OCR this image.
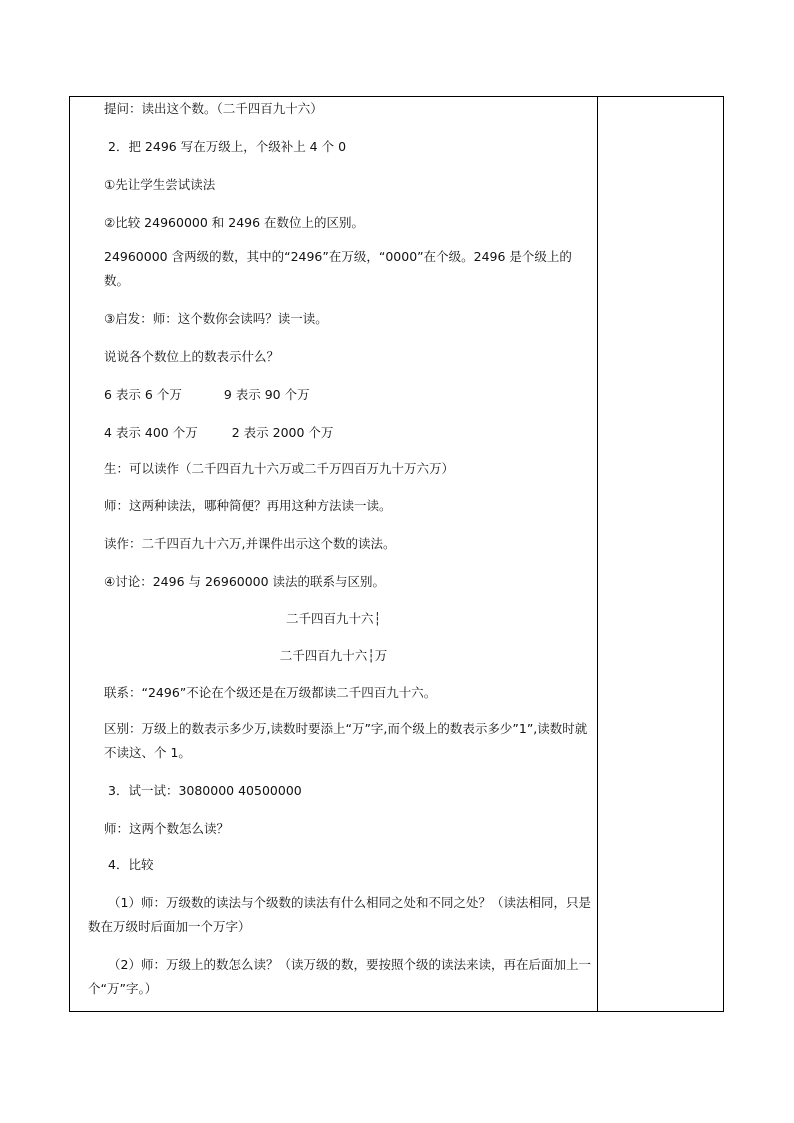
提问：读出这个数。（二千四百九十六）
2．把 2496 写在万级上，个级补上 4 个 0
①先让学生尝试读法
②比较 24960000 和 2496 在数位上的区别。
24960000 含两级的数，其中的“2496”在万级，“0000”在个级。2496 是个级上的数。
③启发：师：这个数你会读吗？读一读。
说说各个数位上的数表示什么？
6 表示 6 个万	9 表示 90 个万
4 表示 400 个万	2 表示 2000 个万
生：可以读作（二千四百九十六万或二千万四百万九十万六万）
师：这两种读法，哪种简便？再用这种方法读一读。
读作：二千四百九十六万,并课件出示这个数的读法。
④讨论：2496 与 26960000 读法的联系与区别。
二千四百九十六┆
二千四百九十六┆万
联系：“2496”不论在个级还是在万级都读二千四百九十六。
区别：万级上的数表示多少万,读数时要添上“万”字,而个级上的数表示多少”1”,读数时就不读这、个 1。
3．试一试：3080000 40500000
师：这两个数怎么读？
4．比较
（1）师：万级数的读法与个级数的读法有什么相同之处和不同之处？（读法相同，只是数在万级时后面加一个万字）
（2）师：万级上的数怎么读？（读万级的数，要按照个级的读法来读，再在后面加上一个“万”字。）
